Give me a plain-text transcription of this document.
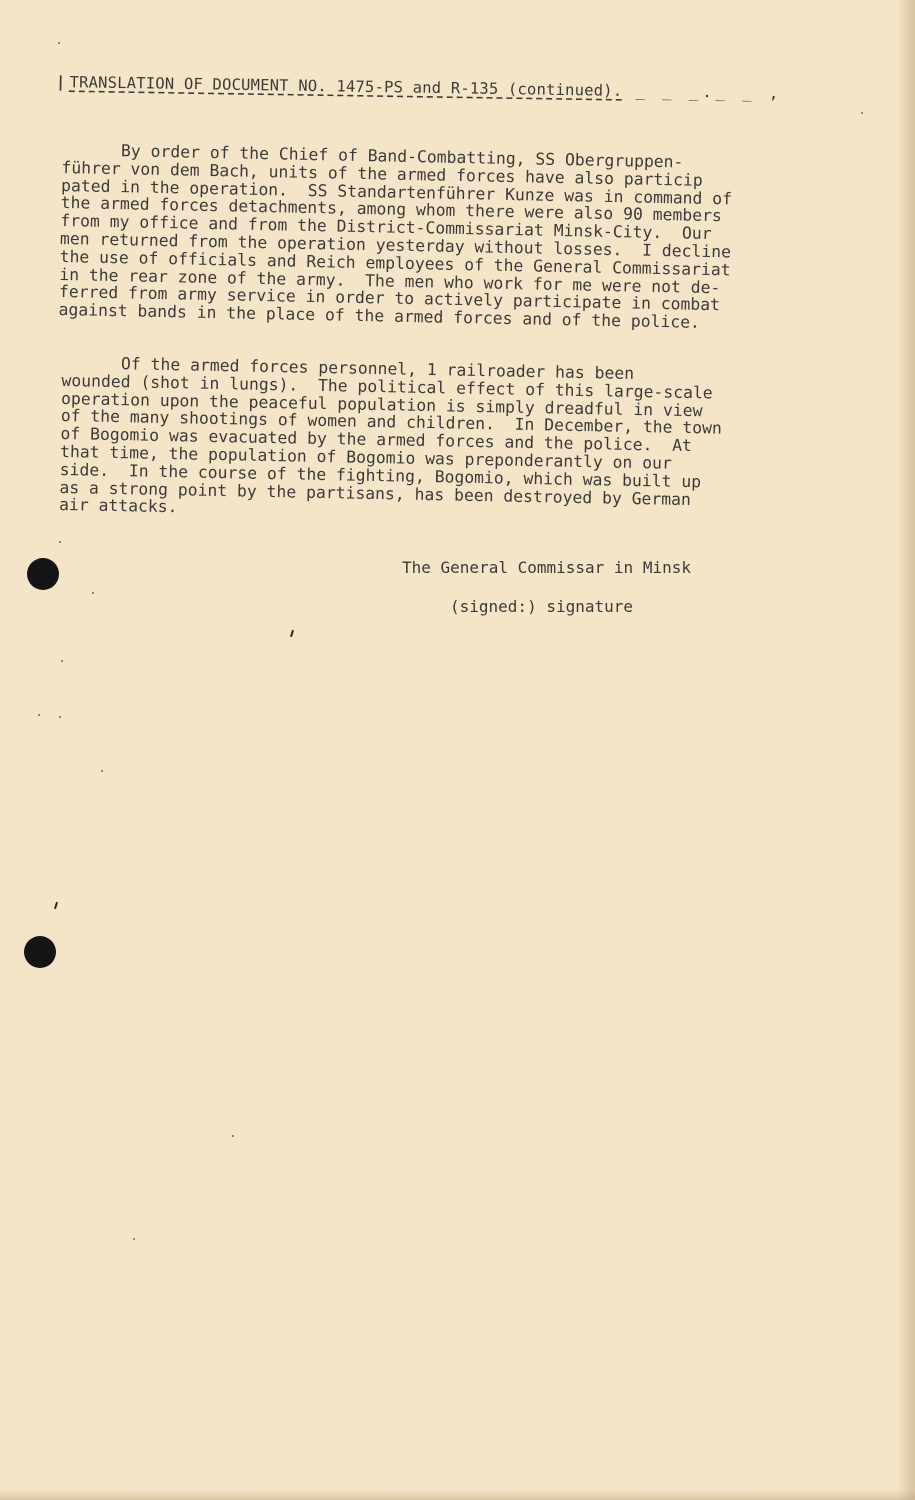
| TRANSLATION OF DOCUMENT NO. 1475-PS and R-135 (continued). _ _ _._ _ ,

By order of the Chief of Band-Combatting, SS Obergruppen-
führer von dem Bach, units of the armed forces have also particip
pated in the operation.  SS Standartenführer Kunze was in command of
the armed forces detachments, among whom there were also 90 members
from my office and from the District-Commissariat Minsk-City.  Our
men returned from the operation yesterday without losses.  I decline
the use of officials and Reich employees of the General Commissariat
in the rear zone of the army.  The men who work for me were not de-
ferred from army service in order to actively participate in combat
against bands in the place of the armed forces and of the police.

Of the armed forces personnel, 1 railroader has been
wounded (shot in lungs).  The political effect of this large-scale
operation upon the peaceful population is simply dreadful in view
of the many shootings of women and children.  In December, the town
of Bogomio was evacuated by the armed forces and the police.  At
that time, the population of Bogomio was preponderantly on our
side.  In the course of the fighting, Bogomio, which was built up
as a strong point by the partisans, has been destroyed by German
air attacks.

The General Commissar in Minsk
(signed:) signature
